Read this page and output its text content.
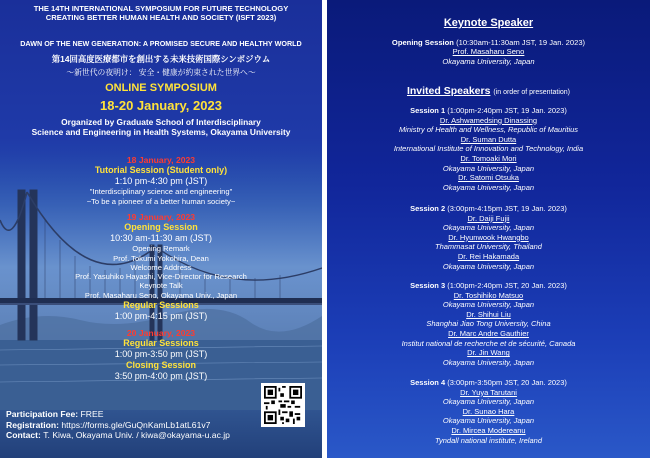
THE 14TH INTERNATIONAL SYMPOSIUM FOR FUTURE TECHNOLOGY
CREATING BETTER HUMAN HEALTH AND SOCIETY (ISFT 2023)
DAWN OF THE NEW GENERATION: A PROMISED SECURE AND HEALTHY WORLD
第14回高度医療都市を創出する未来技術国際シンポジウム
〜新世代の夜明け： 安全・健康が約束された世界へ〜
ONLINE SYMPOSIUM
18-20 January, 2023
Organized by Graduate School of Interdisciplinary
Science and Engineering in Health Systems, Okayama University
18 January, 2023
Tutorial Session (Student only)
1:10 pm-4:30 pm (JST)
"Interdisciplinary science and engineering"
~To be a pioneer of a better human society~
19 January, 2023
Opening Session
10:30 am-11:30 am (JST)
Opening Remark
Prof. Tokumi Yokohira, Dean
Welcome Address
Prof. Yasuhiko Hayashi, Vice-Director for Research
Keynote Talk
Prof. Masaharu Seno, Okayama Univ., Japan
Regular Sessions
1:00 pm-4:15 pm (JST)
20 January, 2023
Regular Sessions
1:00 pm-3:50 pm (JST)
Closing Session
3:50 pm-4:00 pm (JST)
Participation Fee: FREE
Registration: https://forms.gle/GuQnKamLb1atL61v7
Contact: T. Kiwa, Okayama Univ. / kiwa@okayama-u.ac.jp
Keynote Speaker
Opening Session (10:30am-11:30am JST, 19 Jan. 2023)
Prof. Masaharu Seno
Okayama University, Japan
Invited Speakers (in order of presentation)
Session 1 (1:00pm-2:40pm JST, 19 Jan. 2023)
Dr. Ashwamedsing Dinassing
Ministry of Health and Wellness, Republic of Mauritius
Dr. Suman Dutta
International Institute of Innovation and Technology, India
Dr. Tomoaki Mori
Okayama University, Japan
Dr. Satomi Otsuka
Okayama University, Japan
Session 2 (3:00pm-4:15pm JST, 19 Jan. 2023)
Dr. Daiji Fujii
Okayama University, Japan
Dr. Hyunwook Hwangbo
Thammasat University, Thailand
Dr. Rei Hakamada
Okayama University, Japan
Session 3 (1:00pm-2:40pm JST, 20 Jan. 2023)
Dr. Toshihiko Matsuo
Okayama University, Japan
Dr. Shihui Liu
Shanghai Jiao Tong University, China
Dr. Marc Andre Gauthier
Institut national de recherche et de sécurité, Canada
Dr. Jin Wang
Okayama University, Japan
Session 4 (3:00pm-3:50pm JST, 20 Jan. 2023)
Dr. Yuya Tarutani
Okayama University, Japan
Dr. Sunao Hara
Okayama University, Japan
Dr. Mircea Modereanu
Tyndall national institute, Ireland
